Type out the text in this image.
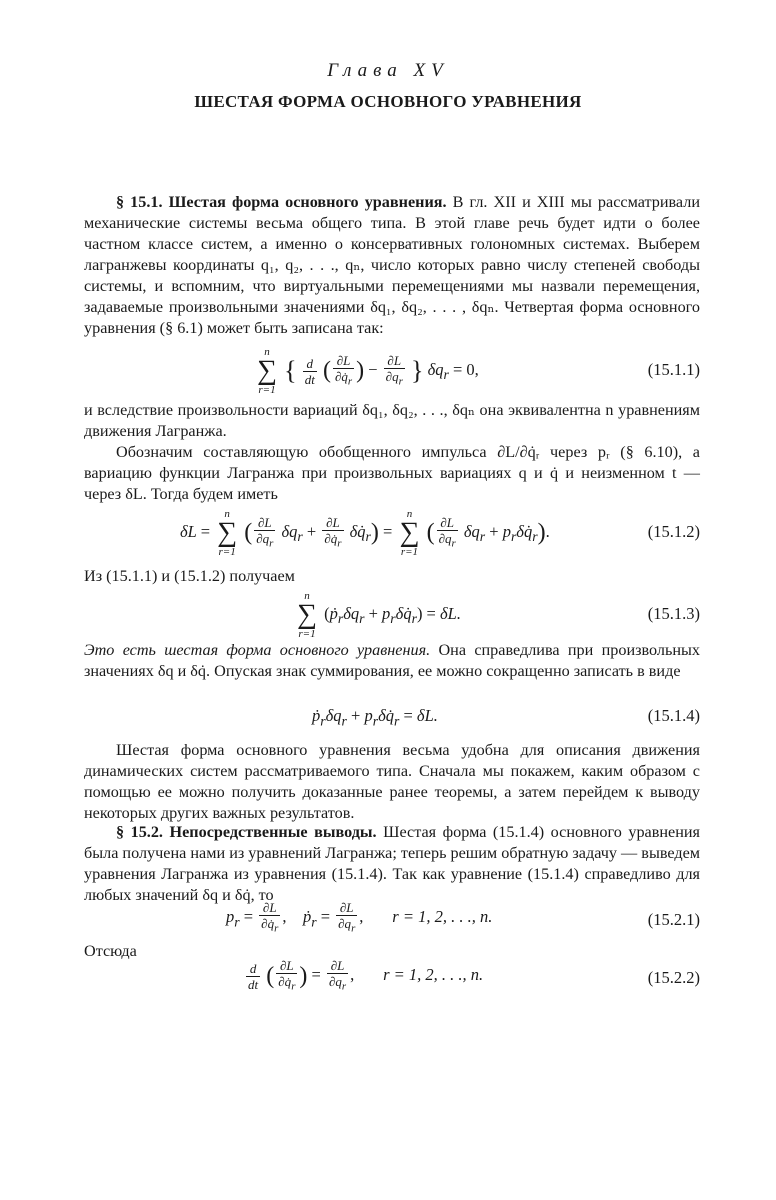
Глава XV
ШЕСТАЯ ФОРМА ОСНОВНОГО УРАВНЕНИЯ
§ 15.1. Шестая форма основного уравнения. В гл. XII и XIII мы рассматривали механические системы весьма общего типа. В этой главе речь будет идти о более частном классе систем, а именно о консервативных голономных системах. Выберем лагранжевы координаты q₁, q₂, . . ., qₙ, число которых равно числу степеней свободы системы, и вспомним, что виртуальными перемещениями мы назвали перемещения, задаваемые произвольными значениями δq₁, δq₂, . . . , δqₙ. Четвертая форма основного уравнения (§ 6.1) может быть записана так:
n
∑
r=1
{ $\frac{d}{dt}$ ( $\frac{\partial L}{\partial q̇_r}$ ) − $\frac{\partial L}{\partial q_r}$ } $\delta q_r = 0$,	(15.1.1)
и вследствие произвольности вариаций δq₁, δq₂, . . ., δqₙ она эквивалентна n уравнениям движения Лагранжа.
Обозначим составляющую обобщенного импульса ∂L/∂q̇ᵣ через pᵣ (§ 6.10), а вариацию функции Лагранжа при произвольных вариациях q и q̇ и неизменном t — через δL. Тогда будем иметь
δL =
n
∑
r=1
( $\frac{\partial L}{\partial q_r} \delta q_r + \frac{\partial L}{\partial q̇_r}$ $\delta q̇_r$) =
n
∑
r=1
( $\frac{\partial L}{\partial q_r} \delta q_r$ + $p_r\delta q̇_r$).	(15.1.2)
Из (15.1.1) и (15.1.2) получаем
n
∑
r=1
($ṗ_r\delta q_r$ + $p_r\delta q̇_r) = \delta L$.	(15.1.3)
Это есть шестая форма основного уравнения. Она справедлива при произвольных значениях δq и δq̇. Опуская знак суммирования, ее можно сокращенно записать в виде
$ṗ_r\delta q_r$ + $p_r\delta q̇_r = \delta L$.	(15.1.4)
Шестая форма основного уравнения весьма удобна для описания движения динамических систем рассматриваемого типа. Сначала мы покажем, каким образом с помощью ее можно получить доказанные ранее теоремы, а затем перейдем к выводу некоторых других важных результатов.
§ 15.2. Непосредственные выводы. Шестая форма (15.1.4) основного уравнения была получена нами из уравнений Лагранжа; теперь решим обратную задачу — выведем уравнения Лагранжа из уравнения (15.1.4). Так как уравнение (15.1.4) справедливо для любых значений δq и δq̇, то
$p_r = \frac{\partial L}{\partial q̇_r}$ ,    ṗ$_r$ = $\frac{\partial L}{\partial q_r}$ , r = 1, 2, . . ., n.	(15.2.1)
Отсюда
$\frac{d}{dt}$ ( $\frac{\partial L}{\partial q̇_r}$ ) = $\frac{\partial L}{\partial q_r}$ , r = 1, 2, . . ., n.	(15.2.2)
